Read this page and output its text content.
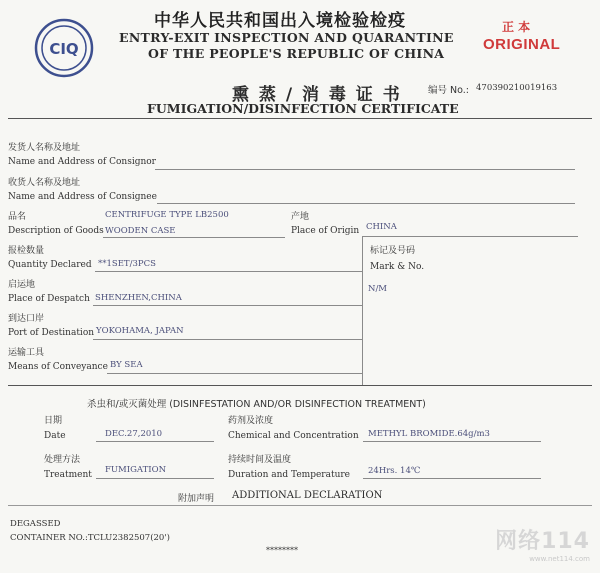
CIQ
中华人民共和国出入境检验检疫
ENTRY-EXIT INSPECTION AND QUARANTINE
OF THE PEOPLE'S REPUBLIC OF CHINA
正 本
ORIGINAL
熏 蒸 / 消 毒 证 书
FUMIGATION/DISINFECTION CERTIFICATE
编号 No.: 470390210019163
发货人名称及地址
Name and Address of Consignor
收货人名称及地址
Name and Address of Consignee
品名
Description of Goods
CENTRIFUGE TYPE LB2500
WOODEN CASE
产地
Place of Origin CHINA
报检数量
Quantity Declared **1SET/3PCS
标记及号码
Mark & No.
N/M
启运地
Place of Despatch SHENZHEN,CHINA
到达口岸
Port of Destination YOKOHAMA, JAPAN
运输工具
Means of Conveyance BY SEA
杀虫和/或灭菌处理 (DISINFESTATION AND/OR DISINFECTION TREATMENT)
日期
Date	DEC.27,2010
药剂及浓度
Chemical and Concentration METHYL BROMIDE.64g/m3
处理方法
Treatment FUMIGATION
持续时间及温度
Duration and Temperature 24Hrs. 14℃
附加声明 ADDITIONAL DECLARATION
DEGASSED
CONTAINER NO.:TCLU2382507(20')
********	网络114
www.net114.com
